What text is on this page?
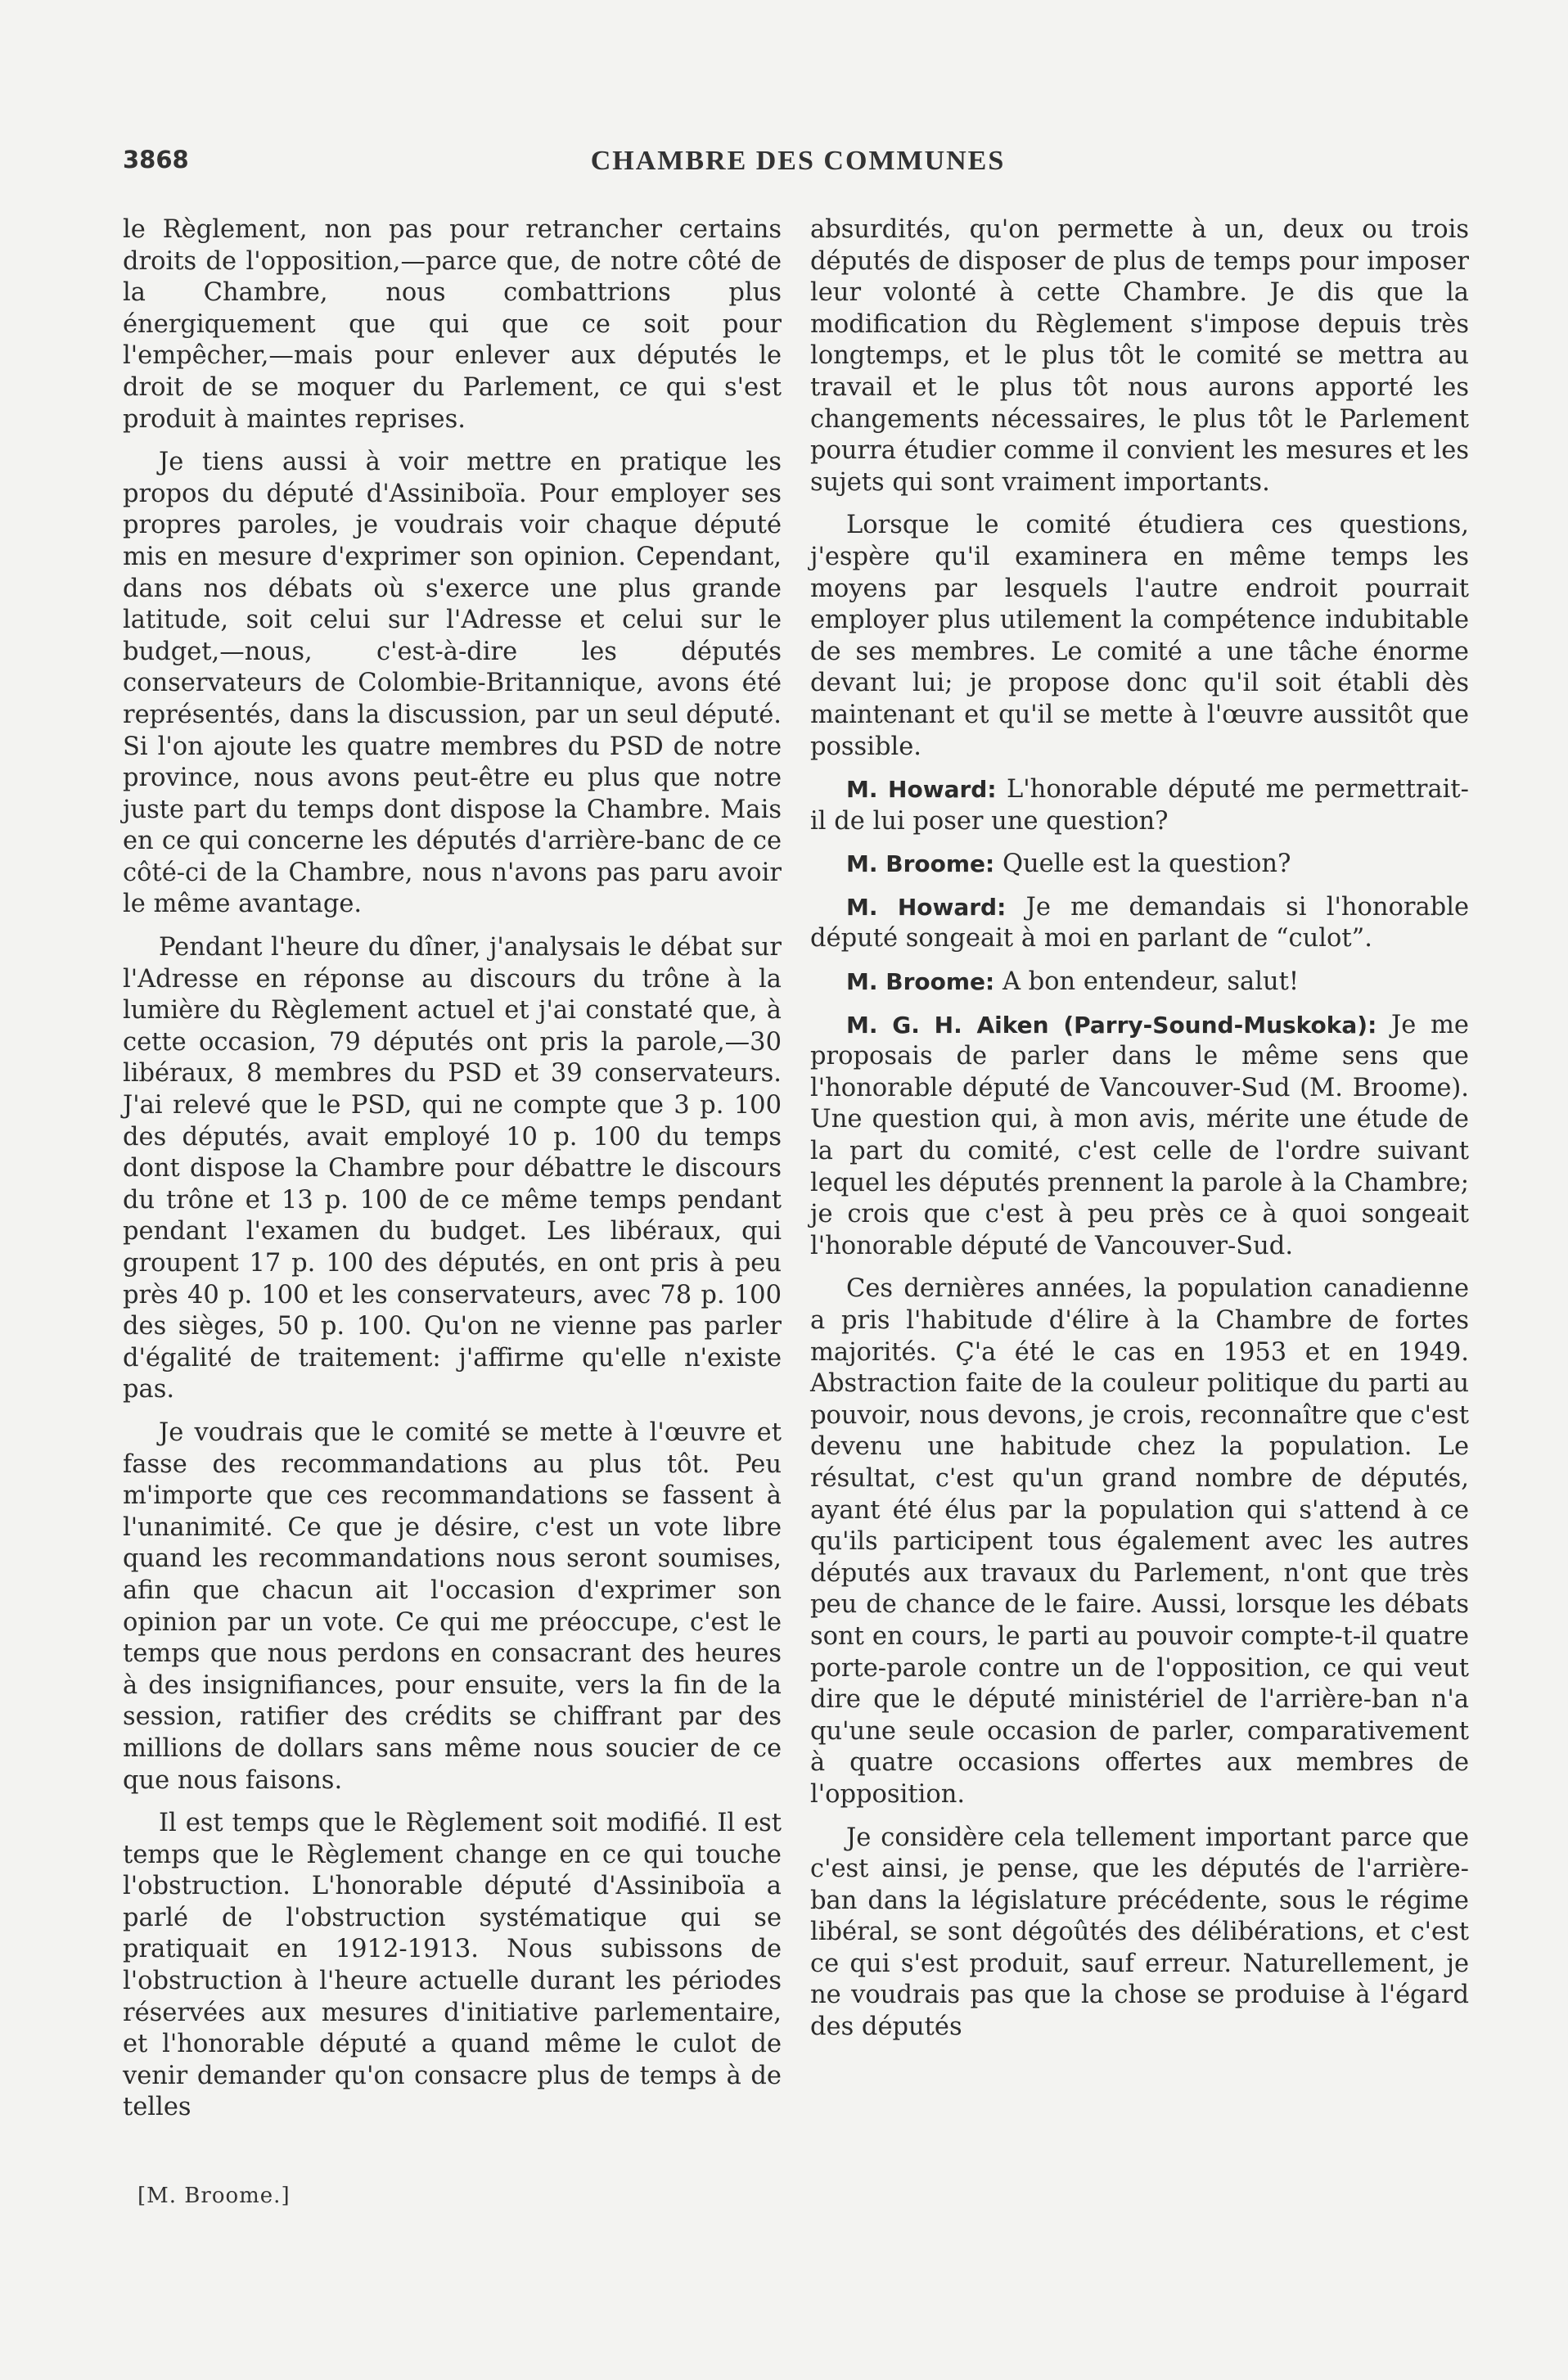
3868	CHAMBRE DES COMMUNES

le Règlement, non pas pour retrancher certains droits de l'opposition,—parce que, de notre côté de la Chambre, nous combattrions plus énergiquement que qui que ce soit pour l'empêcher,—mais pour enlever aux députés le droit de se moquer du Parlement, ce qui s'est produit à maintes reprises.

Je tiens aussi à voir mettre en pratique les propos du député d'Assiniboïa. Pour employer ses propres paroles, je voudrais voir chaque député mis en mesure d'exprimer son opinion. Cependant, dans nos débats où s'exerce une plus grande latitude, soit celui sur l'Adresse et celui sur le budget,—nous, c'est-à-dire les députés conservateurs de Colombie-Britannique, avons été représentés, dans la discussion, par un seul député. Si l'on ajoute les quatre membres du PSD de notre province, nous avons peut-être eu plus que notre juste part du temps dont dispose la Chambre. Mais en ce qui concerne les députés d'arrière-banc de ce côté-ci de la Chambre, nous n'avons pas paru avoir le même avantage.

Pendant l'heure du dîner, j'analysais le débat sur l'Adresse en réponse au discours du trône à la lumière du Règlement actuel et j'ai constaté que, à cette occasion, 79 députés ont pris la parole,—30 libéraux, 8 membres du PSD et 39 conservateurs. J'ai relevé que le PSD, qui ne compte que 3 p. 100 des députés, avait employé 10 p. 100 du temps dont dispose la Chambre pour débattre le discours du trône et 13 p. 100 de ce même temps pendant pendant l'examen du budget. Les libéraux, qui groupent 17 p. 100 des députés, en ont pris à peu près 40 p. 100 et les conservateurs, avec 78 p. 100 des sièges, 50 p. 100. Qu'on ne vienne pas parler d'égalité de traitement: j'affirme qu'elle n'existe pas.

Je voudrais que le comité se mette à l'œuvre et fasse des recommandations au plus tôt. Peu m'importe que ces recommandations se fassent à l'unanimité. Ce que je désire, c'est un vote libre quand les recommandations nous seront soumises, afin que chacun ait l'occasion d'exprimer son opinion par un vote. Ce qui me préoccupe, c'est le temps que nous perdons en consacrant des heures à des insignifiances, pour ensuite, vers la fin de la session, ratifier des crédits se chiffrant par des millions de dollars sans même nous soucier de ce que nous faisons.

Il est temps que le Règlement soit modifié. Il est temps que le Règlement change en ce qui touche l'obstruction. L'honorable député d'Assiniboïa a parlé de l'obstruction systématique qui se pratiquait en 1912-1913. Nous subissons de l'obstruction à l'heure actuelle durant les périodes réservées aux mesures d'initiative parlementaire, et l'honorable député a quand même le culot de venir demander qu'on consacre plus de temps à de telles

absurdités, qu'on permette à un, deux ou trois députés de disposer de plus de temps pour imposer leur volonté à cette Chambre. Je dis que la modification du Règlement s'impose depuis très longtemps, et le plus tôt le comité se mettra au travail et le plus tôt nous aurons apporté les changements nécessaires, le plus tôt le Parlement pourra étudier comme il convient les mesures et les sujets qui sont vraiment importants.

Lorsque le comité étudiera ces questions, j'espère qu'il examinera en même temps les moyens par lesquels l'autre endroit pourrait employer plus utilement la compétence indubitable de ses membres. Le comité a une tâche énorme devant lui; je propose donc qu'il soit établi dès maintenant et qu'il se mette à l'œuvre aussitôt que possible.

M. Howard: L'honorable député me permettrait-il de lui poser une question?

M. Broome: Quelle est la question?

M. Howard: Je me demandais si l'honorable député songeait à moi en parlant de “culot”.

M. Broome: A bon entendeur, salut!

M. G. H. Aiken (Parry-Sound-Muskoka): Je me proposais de parler dans le même sens que l'honorable député de Vancouver-Sud (M. Broome). Une question qui, à mon avis, mérite une étude de la part du comité, c'est celle de l'ordre suivant lequel les députés prennent la parole à la Chambre; je crois que c'est à peu près ce à quoi songeait l'honorable député de Vancouver-Sud.

Ces dernières années, la population canadienne a pris l'habitude d'élire à la Chambre de fortes majorités. Ç'a été le cas en 1953 et en 1949. Abstraction faite de la couleur politique du parti au pouvoir, nous devons, je crois, reconnaître que c'est devenu une habitude chez la population. Le résultat, c'est qu'un grand nombre de députés, ayant été élus par la population qui s'attend à ce qu'ils participent tous également avec les autres députés aux travaux du Parlement, n'ont que très peu de chance de le faire. Aussi, lorsque les débats sont en cours, le parti au pouvoir compte-t-il quatre porte-parole contre un de l'opposition, ce qui veut dire que le député ministériel de l'arrière-ban n'a qu'une seule occasion de parler, comparativement à quatre occasions offertes aux membres de l'opposition.

Je considère cela tellement important parce que c'est ainsi, je pense, que les députés de l'arrière-ban dans la législature précédente, sous le régime libéral, se sont dégoûtés des délibérations, et c'est ce qui s'est produit, sauf erreur. Naturellement, je ne voudrais pas que la chose se produise à l'égard des députés

[M. Broome.]
